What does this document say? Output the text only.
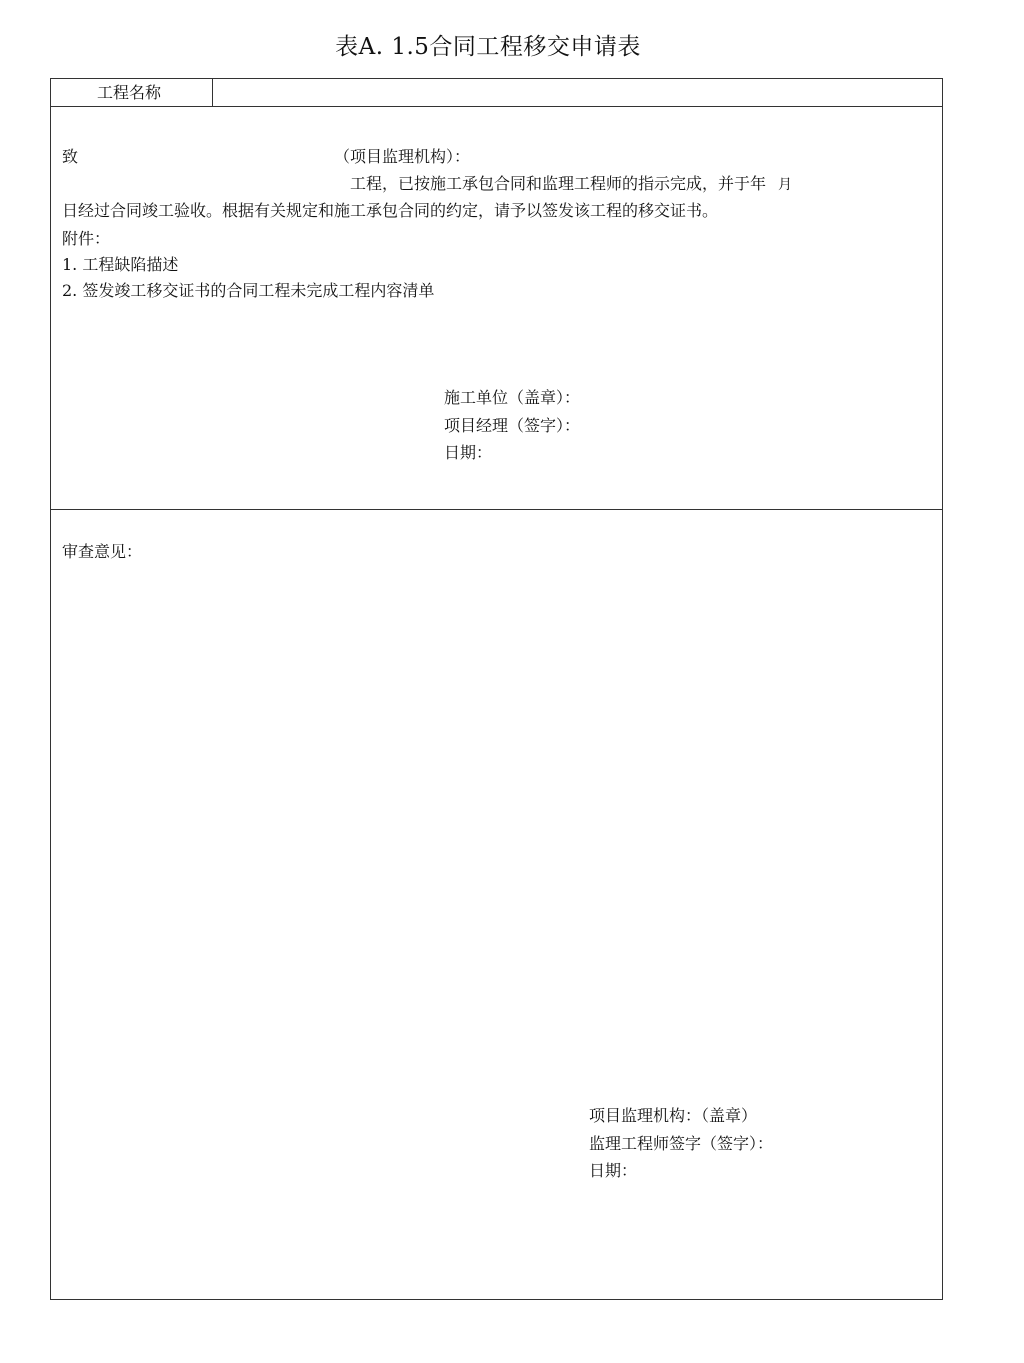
表A. 1.5合同工程移交申请表
工程名称
致	（项目监理机构）：
工程，已按施工承包合同和监理工程师的指示完成，并于年 月
日经过合同竣工验收。根据有关规定和施工承包合同的约定，请予以签发该工程的移交证书。
附件：
1. 工程缺陷描述
2. 签发竣工移交证书的合同工程未完成工程内容清单
施工单位（盖章）：
项目经理（签字）：
日期：
审查意见：
项目监理机构：（盖章）
监理工程师签字（签字）：
日期：
